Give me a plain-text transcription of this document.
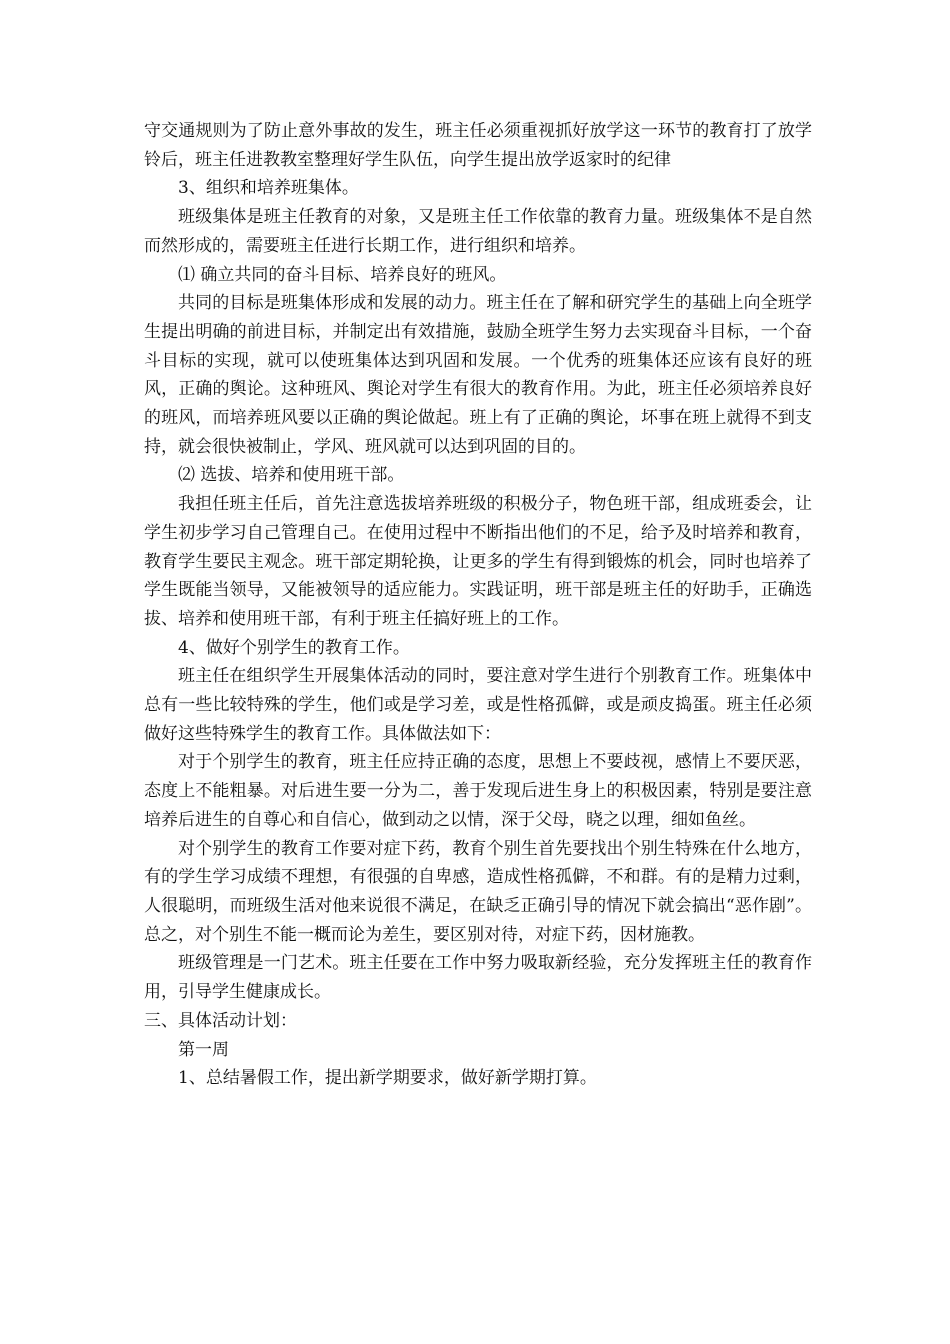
守交通规则为了防止意外事故的发生，班主任必须重视抓好放学这一环节的教育打了放学铃后，班主任进教教室整理好学生队伍，向学生提出放学返家时的纪律

3、组织和培养班集体。

班级集体是班主任教育的对象，又是班主任工作依靠的教育力量。班级集体不是自然而然形成的，需要班主任进行长期工作，进行组织和培养。

⑴ 确立共同的奋斗目标、培养良好的班风。

共同的目标是班集体形成和发展的动力。班主任在了解和研究学生的基础上向全班学生提出明确的前进目标，并制定出有效措施，鼓励全班学生努力去实现奋斗目标，一个奋斗目标的实现，就可以使班集体达到巩固和发展。一个优秀的班集体还应该有良好的班风，正确的舆论。这种班风、舆论对学生有很大的教育作用。为此，班主任必须培养良好的班风，而培养班风要以正确的舆论做起。班上有了正确的舆论，坏事在班上就得不到支持，就会很快被制止，学风、班风就可以达到巩固的目的。

⑵ 选拔、培养和使用班干部。

我担任班主任后，首先注意选拔培养班级的积极分子，物色班干部，组成班委会，让学生初步学习自己管理自己。在使用过程中不断指出他们的不足，给予及时培养和教育，教育学生要民主观念。班干部定期轮换，让更多的学生有得到锻炼的机会，同时也培养了学生既能当领导，又能被领导的适应能力。实践证明，班干部是班主任的好助手，正确选拔、培养和使用班干部，有利于班主任搞好班上的工作。

4、做好个别学生的教育工作。

班主任在组织学生开展集体活动的同时，要注意对学生进行个别教育工作。班集体中总有一些比较特殊的学生，他们或是学习差，或是性格孤僻，或是顽皮捣蛋。班主任必须做好这些特殊学生的教育工作。具体做法如下：

对于个别学生的教育，班主任应持正确的态度，思想上不要歧视，感情上不要厌恶，态度上不能粗暴。对后进生要一分为二，善于发现后进生身上的积极因素，特别是要注意培养后进生的自尊心和自信心，做到动之以情，深于父母，晓之以理，细如鱼丝。

对个别学生的教育工作要对症下药，教育个别生首先要找出个别生特殊在什么地方，有的学生学习成绩不理想，有很强的自卑感，造成性格孤僻，不和群。有的是精力过剩，人很聪明，而班级生活对他来说很不满足，在缺乏正确引导的情况下就会搞出“恶作剧”。总之，对个别生不能一概而论为差生，要区别对待，对症下药，因材施教。

班级管理是一门艺术。班主任要在工作中努力吸取新经验，充分发挥班主任的教育作用，引导学生健康成长。

三、具体活动计划：

第一周

1、总结暑假工作，提出新学期要求，做好新学期打算。
